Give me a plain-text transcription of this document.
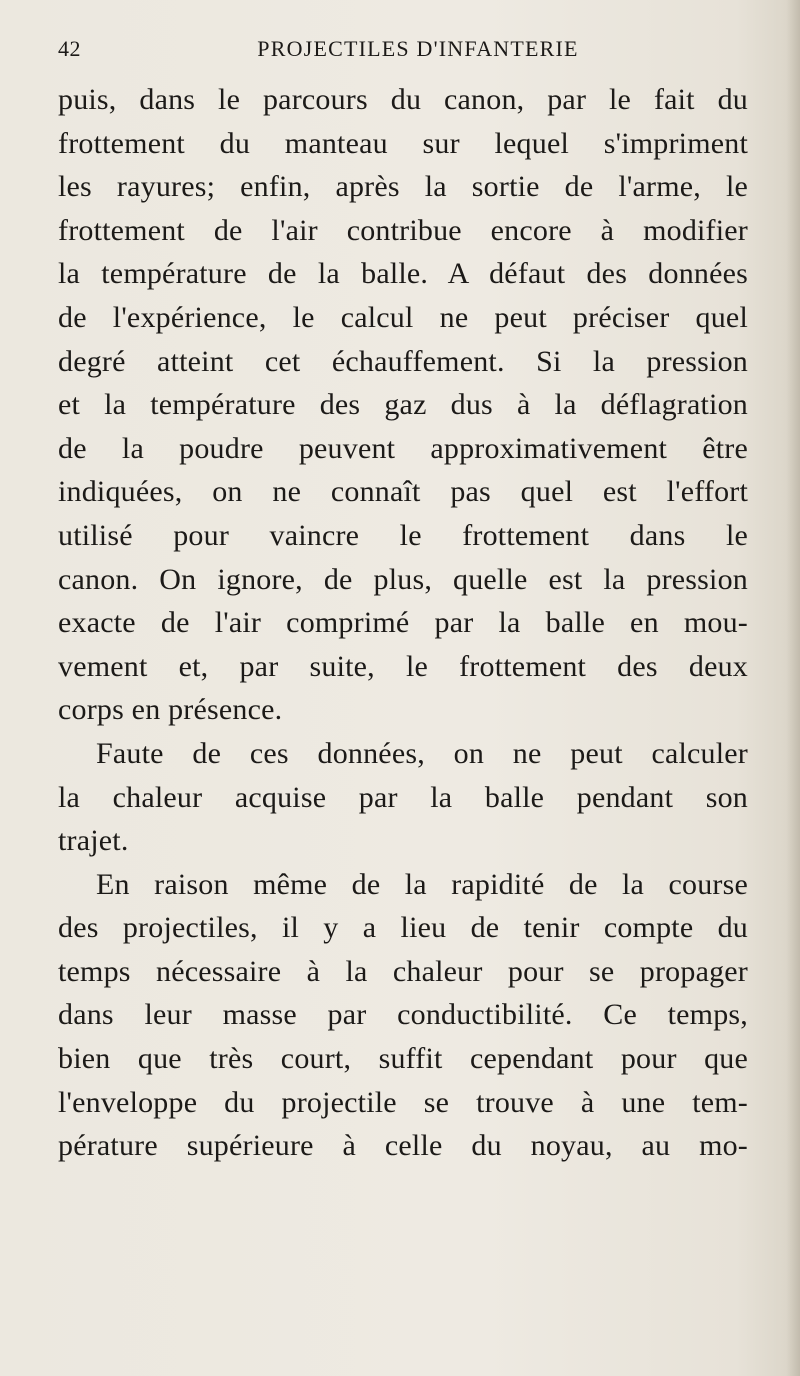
42	PROJECTILES D'INFANTERIE
puis, dans le parcours du canon, par le fait du
frottement du manteau sur lequel s'impriment
les rayures; enfin, après la sortie de l'arme, le
frottement de l'air contribue encore à modifier
la température de la balle. A défaut des données
de l'expérience, le calcul ne peut préciser quel
degré atteint cet échauffement. Si la pression
et la température des gaz dus à la déflagration
de la poudre peuvent approximativement être
indiquées, on ne connaît pas quel est l'effort
utilisé pour vaincre le frottement dans le
canon. On ignore, de plus, quelle est la pression
exacte de l'air comprimé par la balle en mou-
vement et, par suite, le frottement des deux
corps en présence.
Faute de ces données, on ne peut calculer
la chaleur acquise par la balle pendant son
trajet.
En raison même de la rapidité de la course
des projectiles, il y a lieu de tenir compte du
temps nécessaire à la chaleur pour se propager
dans leur masse par conductibilité. Ce temps,
bien que très court, suffit cependant pour que
l'enveloppe du projectile se trouve à une tem-
pérature supérieure à celle du noyau, au mo-
